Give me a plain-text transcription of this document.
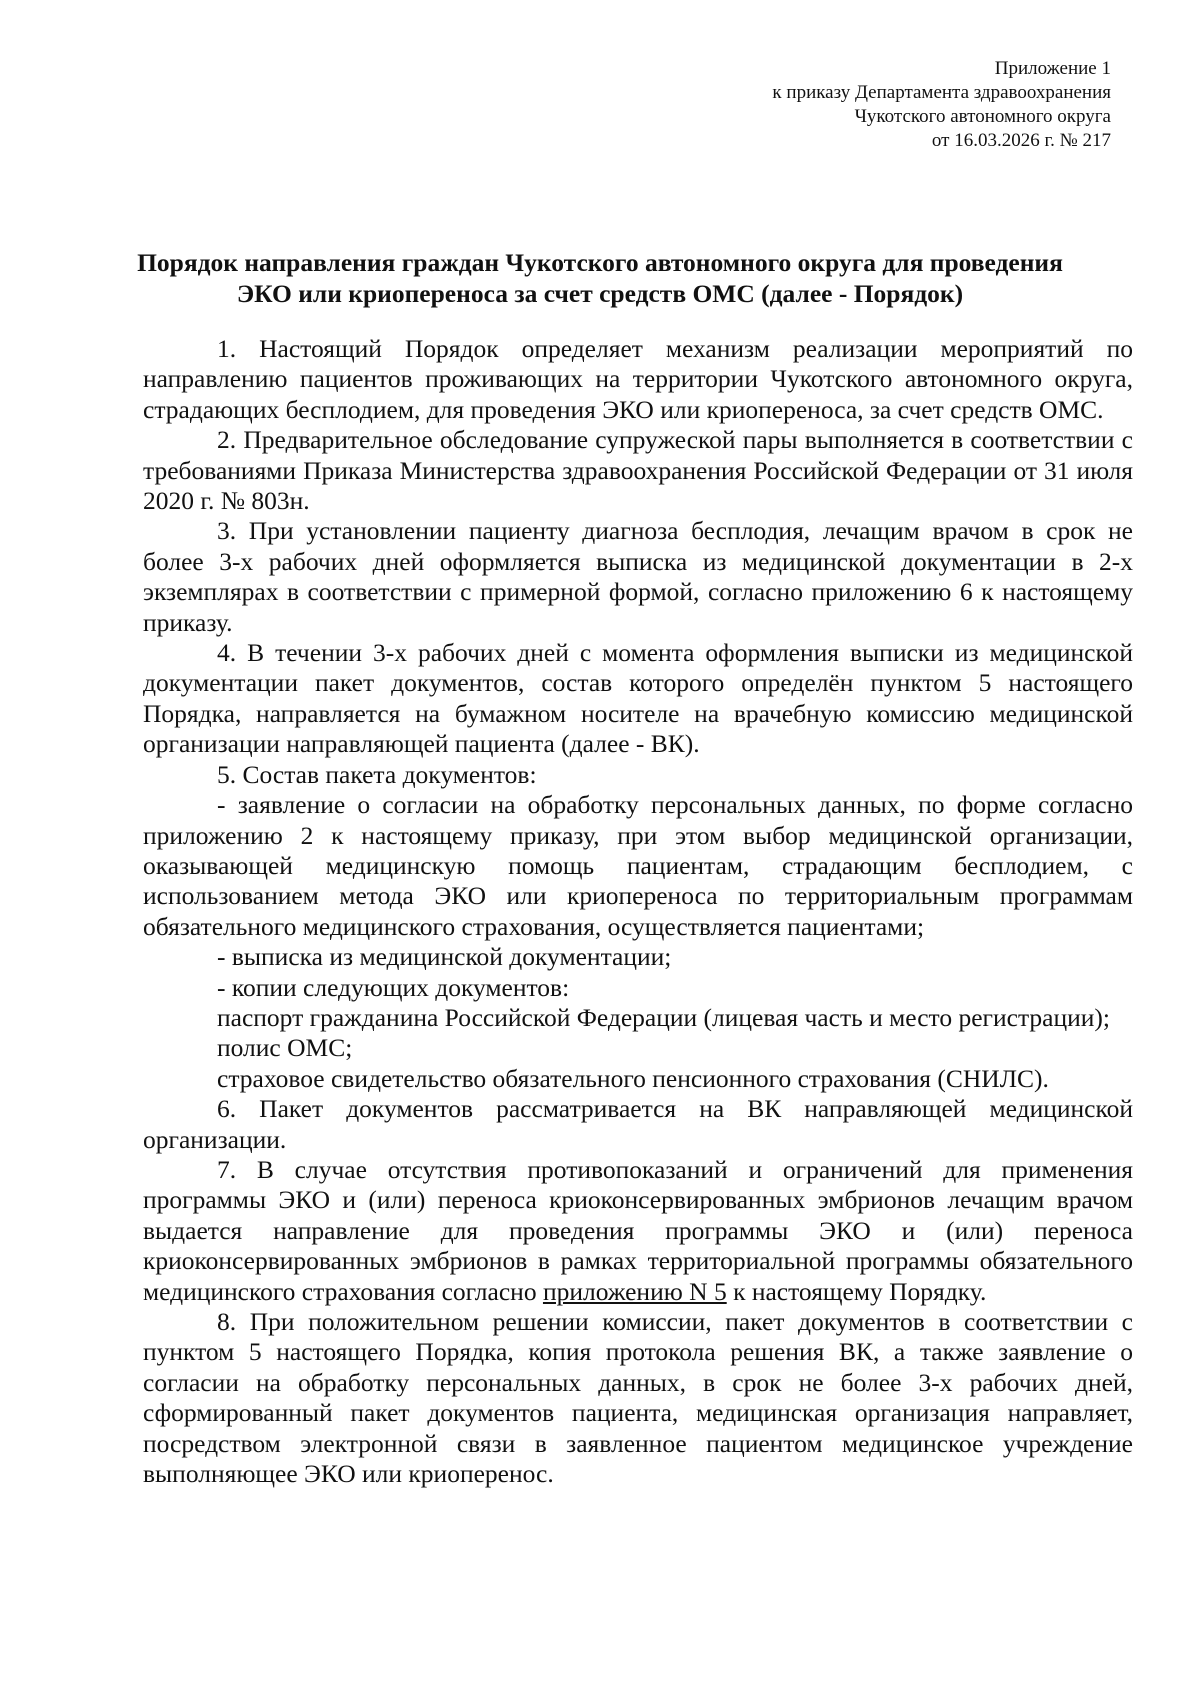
Приложение 1
к приказу Департамента здравоохранения
Чукотского автономного округа
от 16.03.2026 г. № 217
Порядок направления граждан Чукотского автономного округа для проведения
ЭКО или криопереноса за счет средств ОМС (далее - Порядок)

1. Настоящий Порядок определяет механизм реализации мероприятий по направлению пациентов проживающих на территории Чукотского автономного округа, страдающих бесплодием, для проведения ЭКО или криопереноса, за счет средств ОМС.

2. Предварительное обследование супружеской пары выполняется в соответствии с требованиями Приказа Министерства здравоохранения Российской Федерации от 31 июля 2020 г. № 803н.

3. При установлении пациенту диагноза бесплодия, лечащим врачом в срок не более 3-х рабочих дней оформляется выписка из медицинской документации в 2-х экземплярах в соответствии с примерной формой, согласно приложению 6 к настоящему приказу.

4. В течении 3-х рабочих дней с момента оформления выписки из медицинской документации пакет документов, состав которого определён пунктом 5 настоящего Порядка, направляется на бумажном носителе на врачебную комиссию медицинской организации направляющей пациента (далее - ВК).

5. Состав пакета документов:

- заявление о согласии на обработку персональных данных, по форме согласно приложению 2 к настоящему приказу, при этом выбор медицинской организации, оказывающей медицинскую помощь пациентам, страдающим бесплодием, с использованием метода ЭКО или криопереноса по территориальным программам обязательного медицинского страхования, осуществляется пациентами;

- выписка из медицинской документации;

- копии следующих документов:

паспорт гражданина Российской Федерации (лицевая часть и место регистрации);

полис ОМС;

страховое свидетельство обязательного пенсионного страхования (СНИЛС).

6. Пакет документов рассматривается на ВК направляющей медицинской организации.

7. В случае отсутствия противопоказаний и ограничений для применения программы ЭКО и (или) переноса криоконсервированных эмбрионов лечащим врачом выдается направление для проведения программы ЭКО и (или) переноса криоконсервированных эмбрионов в рамках территориальной программы обязательного медицинского страхования согласно приложению N 5 к настоящему Порядку.

8. При положительном решении комиссии, пакет документов в соответствии с пунктом 5 настоящего Порядка, копия протокола решения ВК, а также заявление о согласии на обработку персональных данных, в срок не более 3-х рабочих дней, сформированный пакет документов пациента, медицинская организация направляет, посредством электронной связи в заявленное пациентом медицинское учреждение выполняющее ЭКО или криоперенос.
